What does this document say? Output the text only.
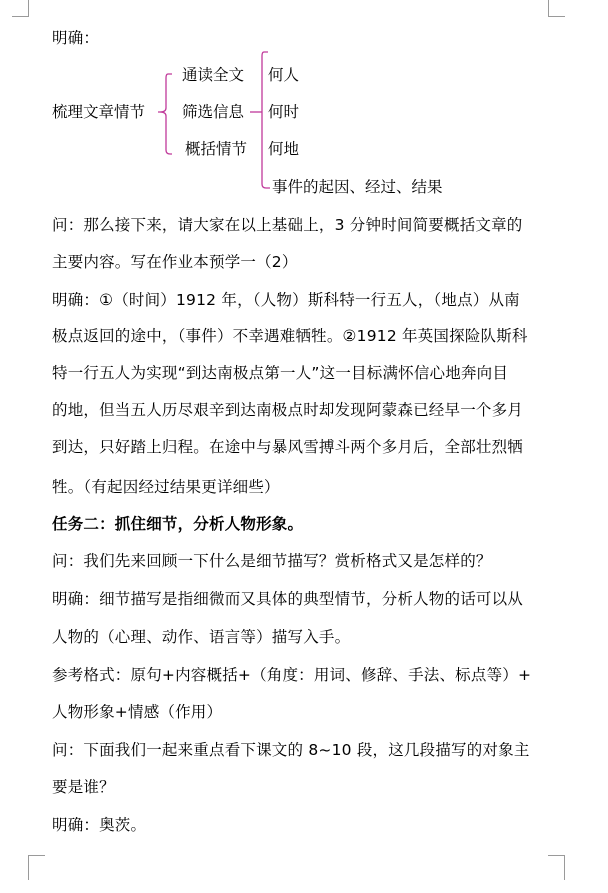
明确：
梳理文章情节
通读全文
筛选信息
概括情节
何人
何时
何地
事件的起因、经过、结果
问：那么接下来，请大家在以上基础上，3 分钟时间简要概括文章的
主要内容。写在作业本预学一（2）
明确：①（时间）1912 年，（人物）斯科特一行五人，（地点）从南
极点返回的途中，（事件）不幸遇难牺牲。②1912 年英国探险队斯科
特一行五人为实现“到达南极点第一人”这一目标满怀信心地奔向目
的地，但当五人历尽艰辛到达南极点时却发现阿蒙森已经早一个多月
到达，只好踏上归程。在途中与暴风雪搏斗两个多月后，全部壮烈牺
牲。（有起因经过结果更详细些）
任务二：抓住细节，分析人物形象。
问：我们先来回顾一下什么是细节描写？赏析格式又是怎样的？
明确：细节描写是指细微而又具体的典型情节，分析人物的话可以从
人物的（心理、动作、语言等）描写入手。
参考格式：原句+内容概括+（角度：用词、修辞、手法、标点等）+
人物形象+情感（作用）
问：下面我们一起来重点看下课文的 8~10 段，这几段描写的对象主
要是谁？
明确：奥茨。
